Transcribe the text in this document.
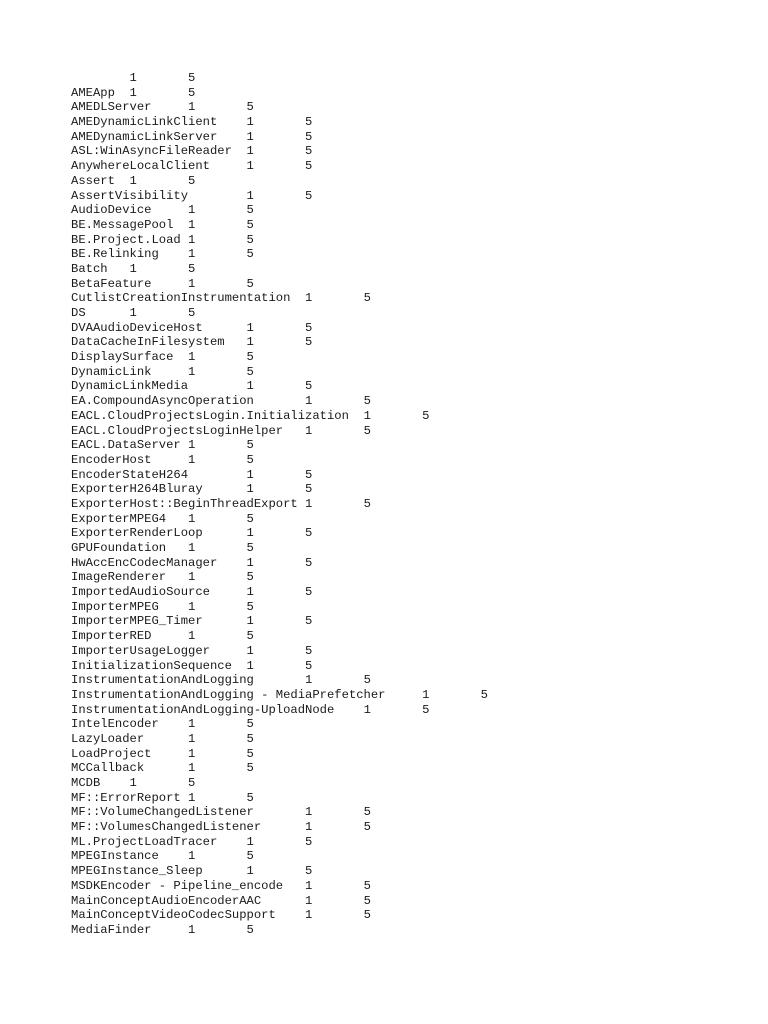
	1	5
AMEApp	1	5
AMEDLServer	1	5
AMEDynamicLinkClient	1	5
AMEDynamicLinkServer	1	5
ASL:WinAsyncFileReader	1	5
AnywhereLocalClient	1	5
Assert	1	5
AssertVisibility	1	5
AudioDevice	1	5
BE.MessagePool	1	5
BE.Project.Load	1	5
BE.Relinking	1	5
Batch	1	5
BetaFeature	1	5
CutlistCreationInstrumentation	1	5
DS	1	5
DVAAudioDeviceHost	1	5
DataCacheInFilesystem	1	5
DisplaySurface	1	5
DynamicLink	1	5
DynamicLinkMedia	1	5
EA.CompoundAsyncOperation	1	5
EACL.CloudProjectsLogin.Initialization	1	5
EACL.CloudProjectsLoginHelper	1	5
EACL.DataServer	1	5
EncoderHost	1	5
EncoderStateH264	1	5
ExporterH264Bluray	1	5
ExporterHost::BeginThreadExport	1	5
ExporterMPEG4	1	5
ExporterRenderLoop	1	5
GPUFoundation	1	5
HwAccEncCodecManager	1	5
ImageRenderer	1	5
ImportedAudioSource	1	5
ImporterMPEG	1	5
ImporterMPEG_Timer	1	5
ImporterRED	1	5
ImporterUsageLogger	1	5
InitializationSequence	1	5
InstrumentationAndLogging	1	5
InstrumentationAndLogging - MediaPrefetcher	1	5
InstrumentationAndLogging-UploadNode	1	5
IntelEncoder	1	5
LazyLoader	1	5
LoadProject	1	5
MCCallback	1	5
MCDB	1	5
MF::ErrorReport	1	5
MF::VolumeChangedListener	1	5
MF::VolumesChangedListener	1	5
ML.ProjectLoadTracer	1	5
MPEGInstance	1	5
MPEGInstance_Sleep	1	5
MSDKEncoder - Pipeline_encode	1	5
MainConceptAudioEncoderAAC	1	5
MainConceptVideoCodecSupport	1	5
MediaFinder	1	5
